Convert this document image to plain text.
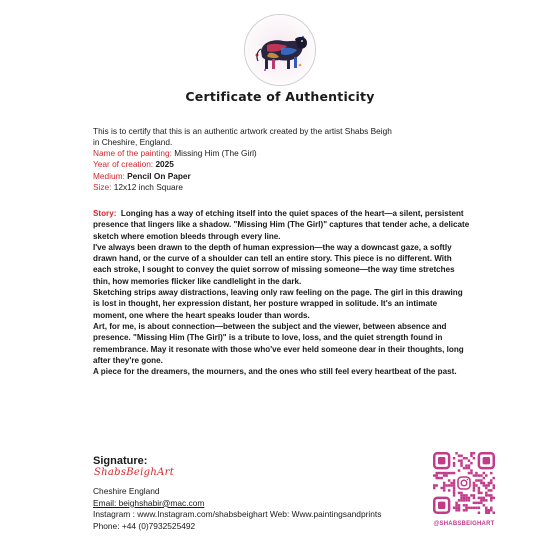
Certificate of Authenticity
This is to certify that this is an authentic artwork created by the artist Shabs Beigh in Cheshire, England.
Name of the painting: Missing Him (The Girl)
Year of creation: 2025
Medium: Pencil On Paper
Size: 12x12 inch Square

Story: Longing has a way of etching itself into the quiet spaces of the heart—a silent, persistent presence that lingers like a shadow. "Missing Him (The Girl)" captures that tender ache, a delicate sketch where emotion bleeds through every line.

I've always been drawn to the depth of human expression—the way a downcast gaze, a softly drawn hand, or the curve of a shoulder can tell an entire story. This piece is no different. With each stroke, I sought to convey the quiet sorrow of missing someone—the way time stretches thin, how memories flicker like candlelight in the dark.

Sketching strips away distractions, leaving only raw feeling on the page. The girl in this drawing is lost in thought, her expression distant, her posture wrapped in solitude. It's an intimate moment, one where the heart speaks louder than words.

Art, for me, is about connection—between the subject and the viewer, between absence and presence. "Missing Him (The Girl)" is a tribute to love, loss, and the quiet strength found in remembrance. May it resonate with those who've ever held someone dear in their thoughts, long after they're gone.

A piece for the dreamers, the mourners, and the ones who still feel every heartbeat of the past.

Signature:
ShabsBeighArt
Cheshire England
Email: beighshabir@mac.com
Instagram : www.Instagram.com/shabsbeighart Web: Www.paintingsandprints
Phone: +44 (0)7932525492	@SHABSBEIGHART
